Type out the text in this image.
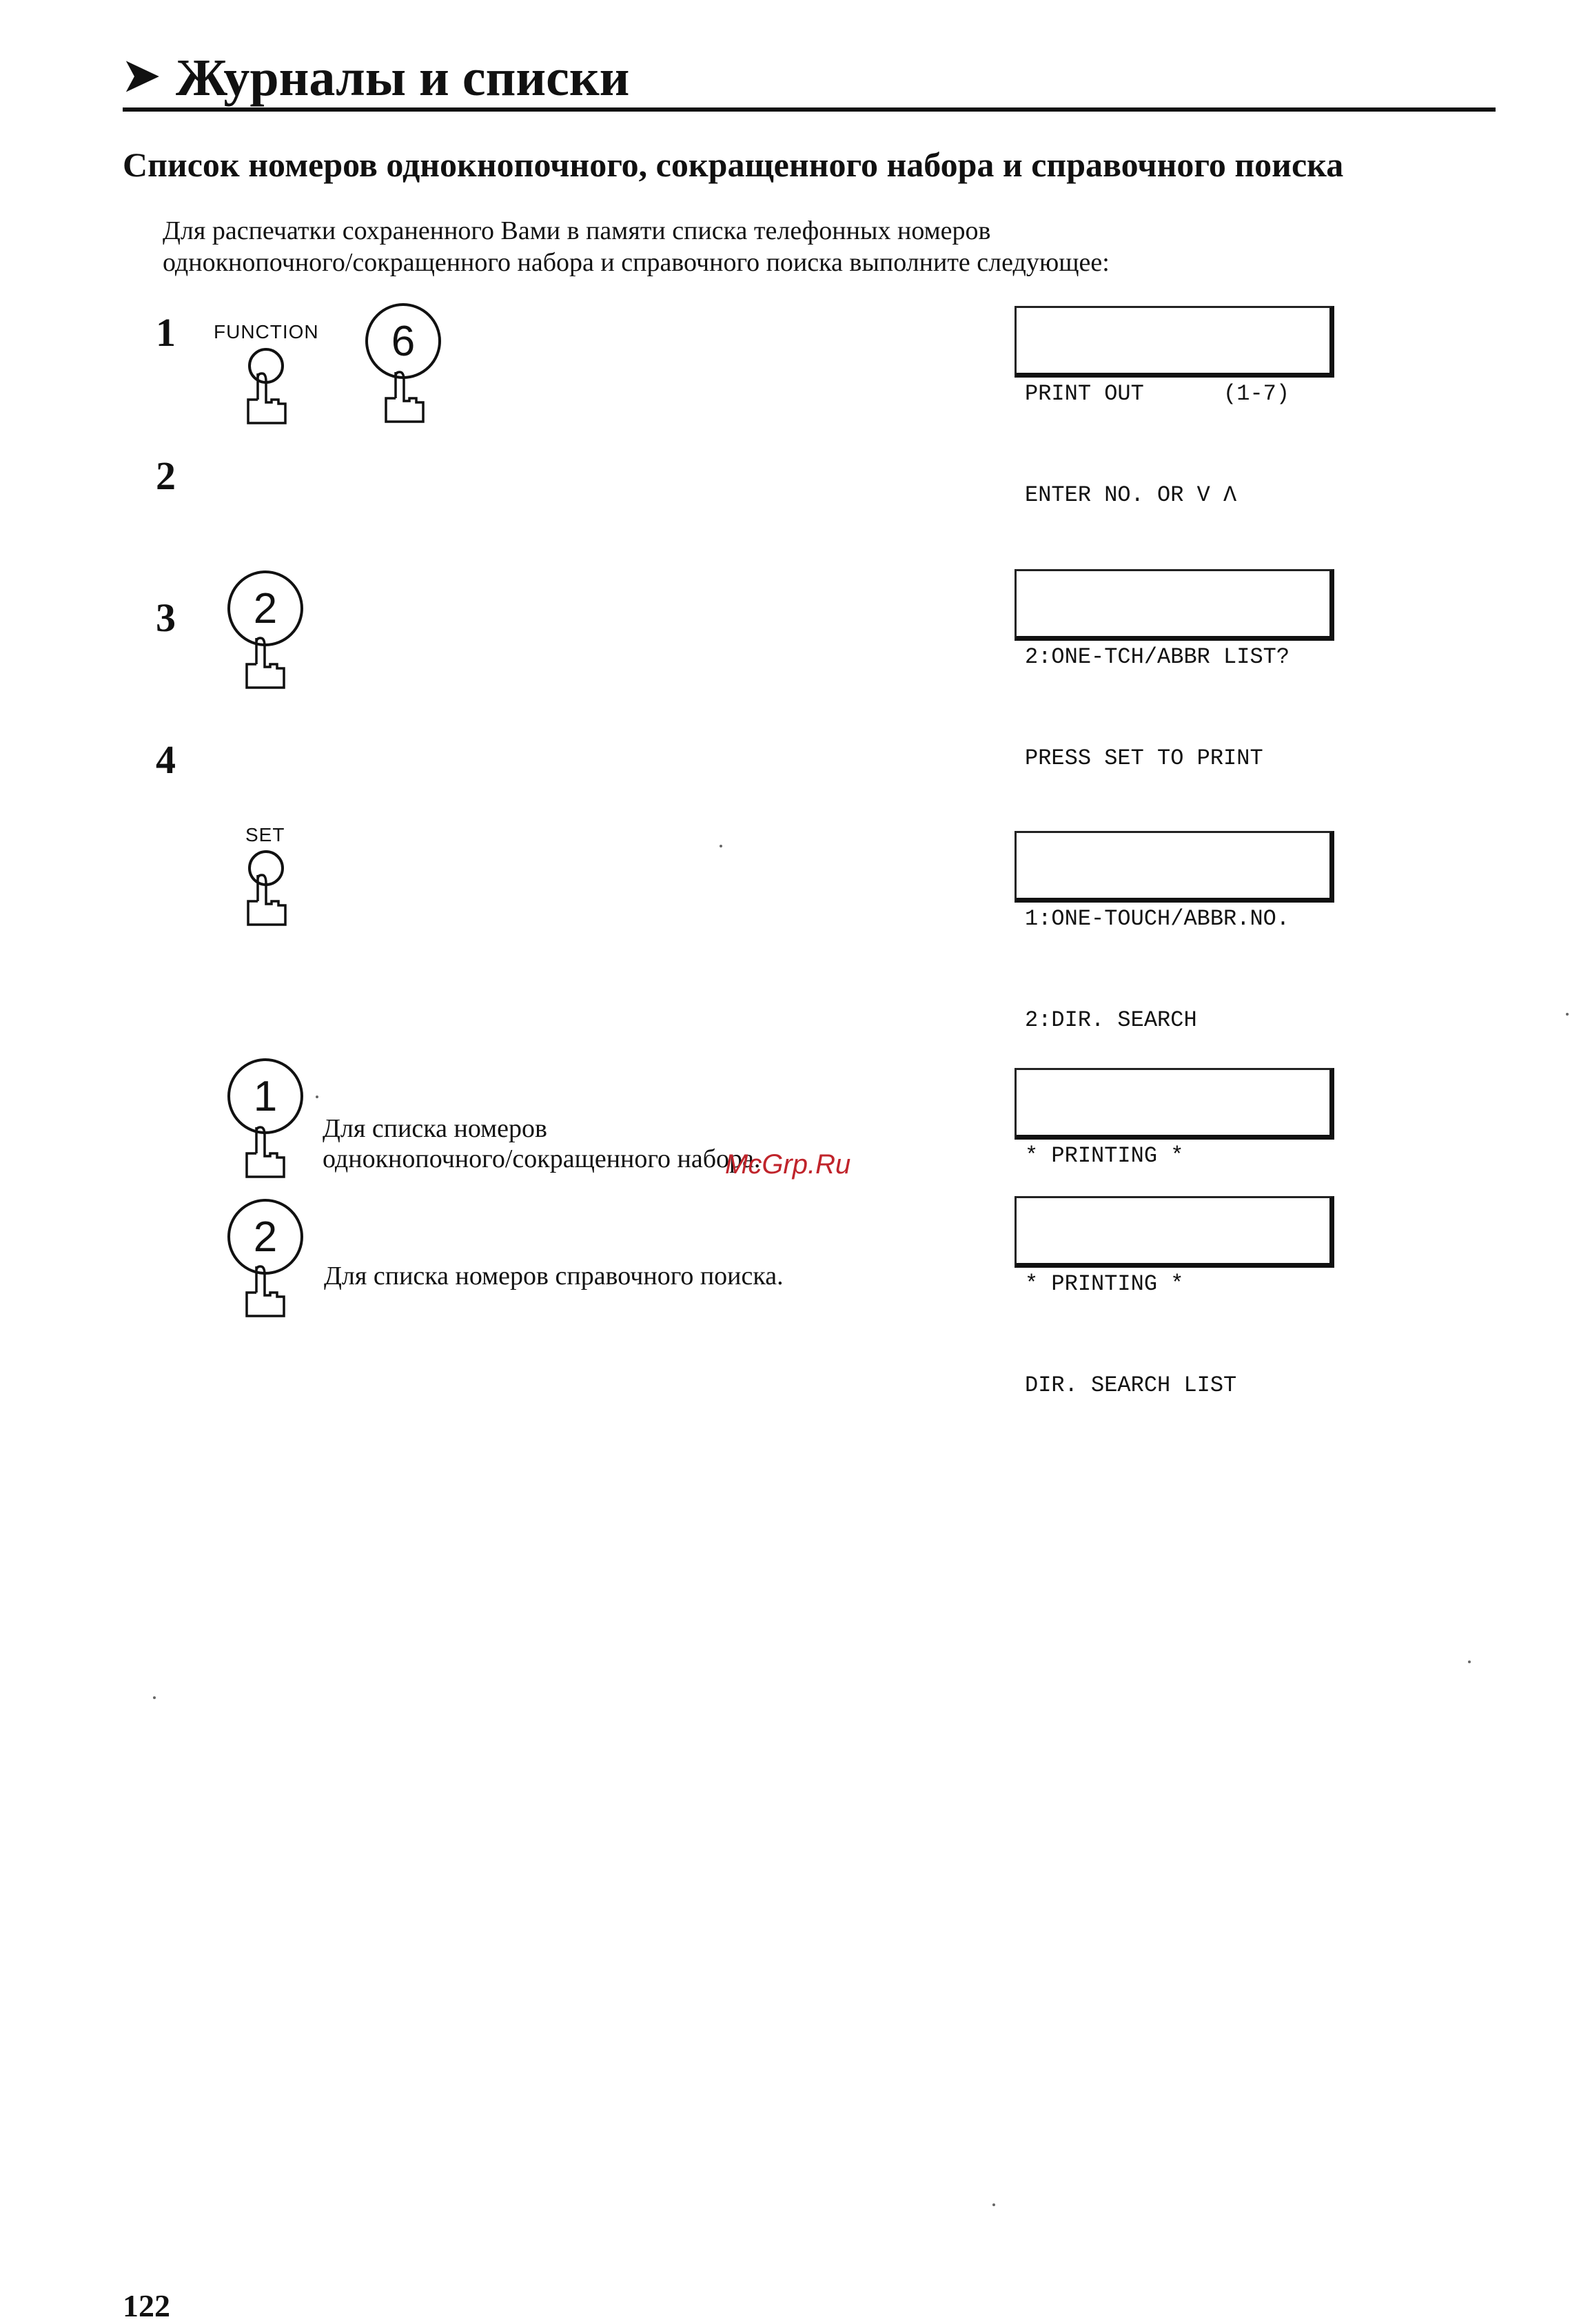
➤ Журналы и списки
Список номеров однокнопочного, сокращенного набора и справочного поиска
Для распечатки сохраненного Вами в памяти списка телефонных номеров
однокнопочного/сокращенного набора и справочного поиска выполните следующее:
1 FUNCTION	6

PRINT OUT      (1-7)

ENTER NO. OR V Λ

2
3	2

2:ONE-TCH/ABBR LIST?

PRESS SET TO PRINT

4
SET

1:ONE-TOUCH/ABBR.NO.

2:DIR. SEARCH

1
Для списка номеров
однокнопочного/сокращенного набора.
McGrp.Ru

	* PRINTING *

2
Для списка номеров справочного поиска.

	* PRINTING *

DIR. SEARCH LIST

122
